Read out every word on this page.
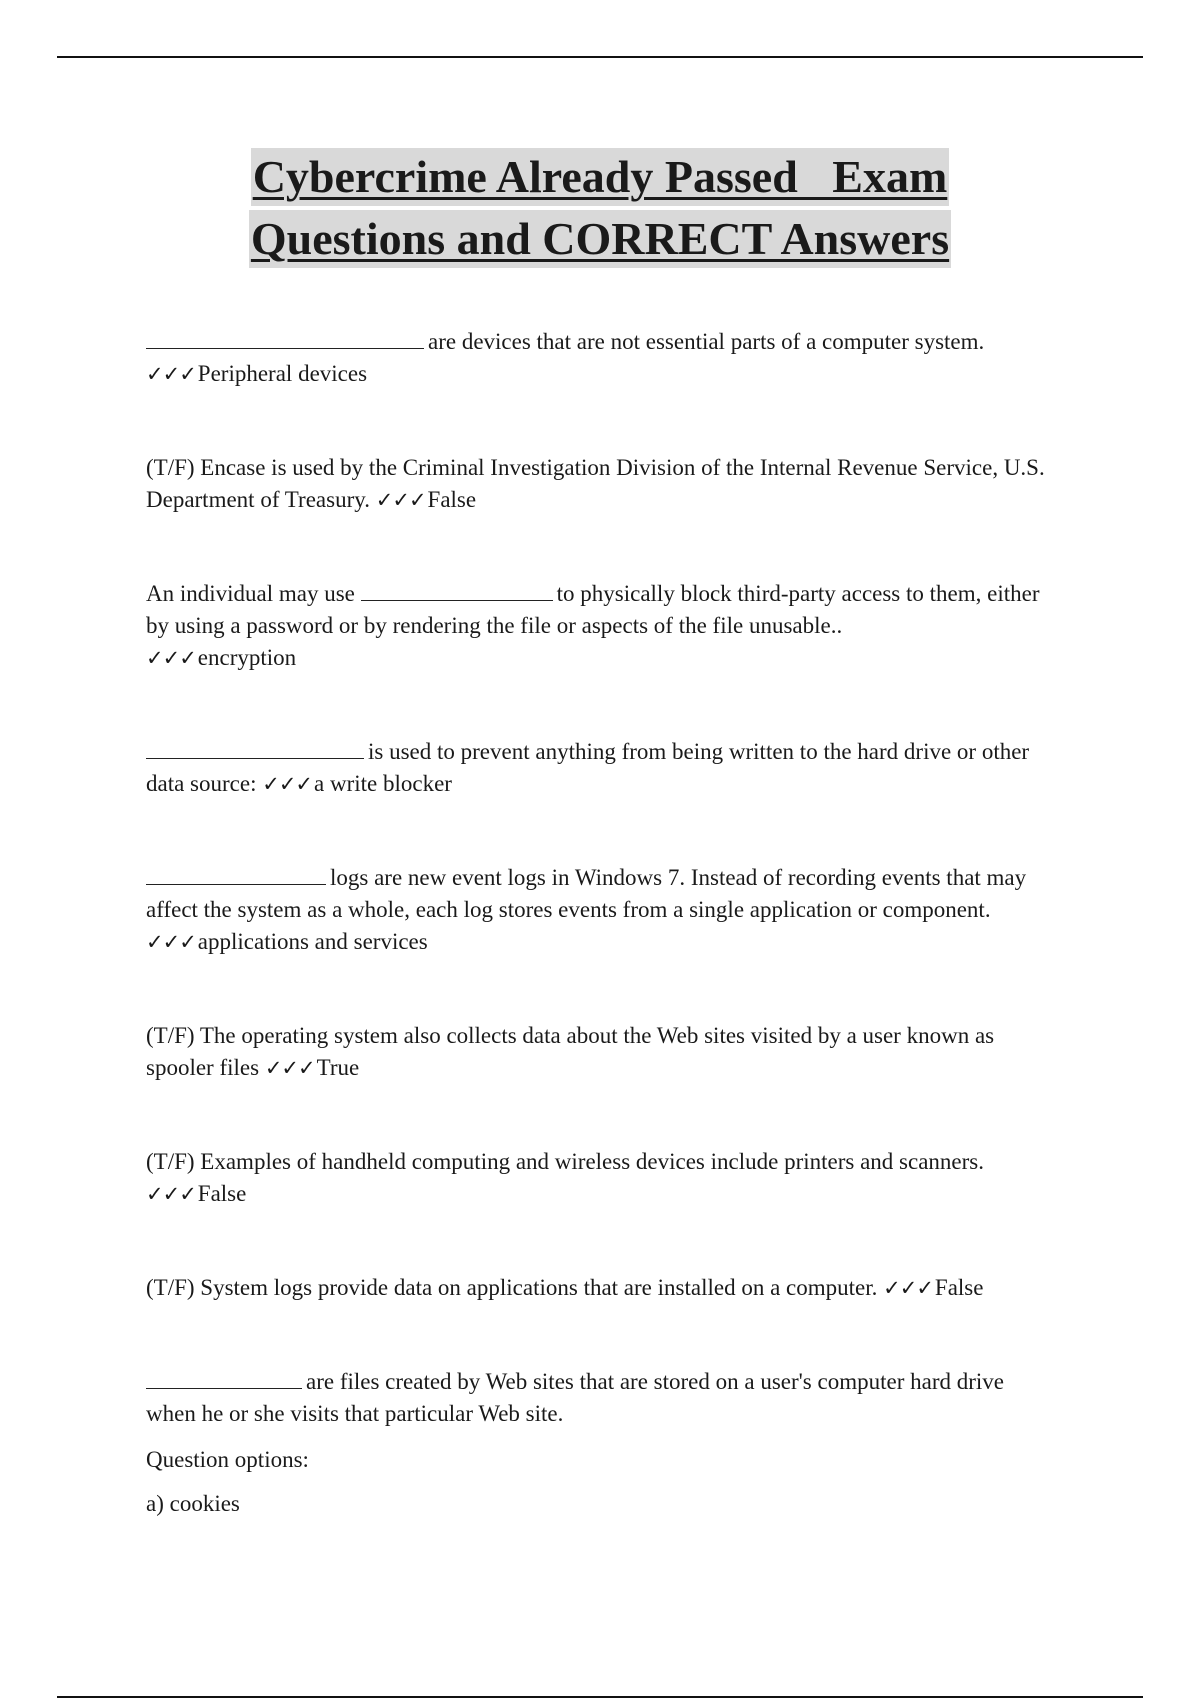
Cybercrime Already Passed   Exam
Questions and CORRECT Answers

are devices that are not essential parts of a computer system.
✓✓✓Peripheral devices

(T/F) Encase is used by the Criminal Investigation Division of the Internal Revenue Service, U.S. Department of Treasury. ✓✓✓False

An individual may use	to physically block third-party access to them, either by using a password or by rendering the file or aspects of the file unusable..
✓✓✓encryption

is used to prevent anything from being written to the hard drive or other data source: ✓✓✓a write blocker

logs are new event logs in Windows 7. Instead of recording events that may affect the system as a whole, each log stores events from a single application or component. ✓✓✓applications and services

(T/F) The operating system also collects data about the Web sites visited by a user known as spooler files ✓✓✓True

(T/F) Examples of handheld computing and wireless devices include printers and scanners.
✓✓✓False

(T/F) System logs provide data on applications that are installed on a computer. ✓✓✓False

are files created by Web sites that are stored on a user's computer hard drive when he or she visits that particular Web site.

Question options:

a) cookies
